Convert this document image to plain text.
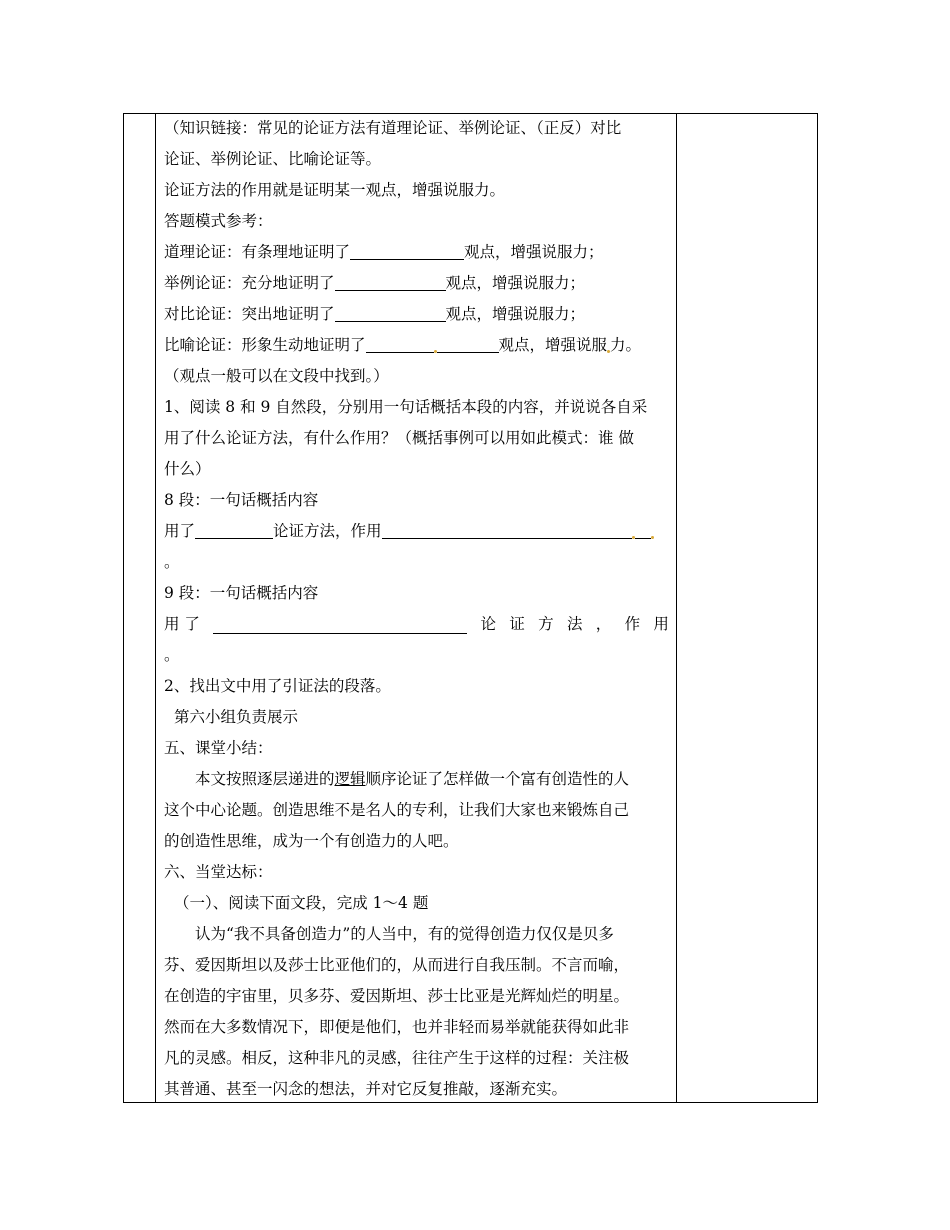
（知识链接：常见的论证方法有道理论证、举例论证、（正反）对比
论证、举例论证、比喻论证等。
论证方法的作用就是证明某一观点，增强说服力。
答题模式参考：
道理论证：有条理地证明了	观点，增强说服力；
举例论证：充分地证明了	观点，增强说服力；
对比论证：突出地证明了	观点，增强说服力；
比喻论证：形象生动地证明了	观点，增强说服 力。
（观点一般可以在文段中找到。）
1、阅读 8 和 9 自然段，分别用一句话概括本段的内容，并说说各自采
用了什么论证方法，有什么作用？（概括事例可以用如此模式：谁 做
什么）
8 段：一句话概括内容
用了	论证方法，作用
。
9 段：一句话概括内容
用 了	论 证 方 法 ， 作 用
。
2、找出文中用了引证法的段落。
第六小组负责展示
五、课堂小结：
本文按照逐层递进的逻辑顺序论证了怎样做一个富有创造性的人
这个中心论题。创造思维不是名人的专利，让我们大家也来锻炼自己
的创造性思维，成为一个有创造力的人吧。
六、当堂达标：
（一）、阅读下面文段，完成 1～4 题
认为“我不具备创造力”的人当中，有的觉得创造力仅仅是贝多
芬、爱因斯坦以及莎士比亚他们的，从而进行自我压制。不言而喻，
在创造的宇宙里，贝多芬、爱因斯坦、莎士比亚是光辉灿烂的明星。
然而在大多数情况下，即便是他们，也并非轻而易举就能获得如此非
凡的灵感。相反，这种非凡的灵感，往往产生于这样的过程：关注极
其普通、甚至一闪念的想法，并对它反复推敲，逐渐充实。
